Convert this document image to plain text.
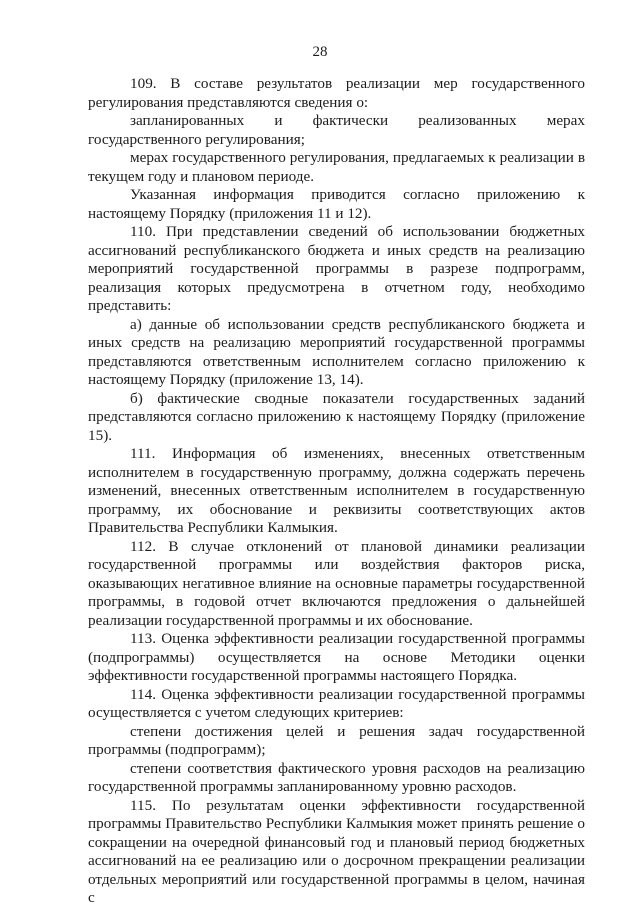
28

109. В составе результатов реализации мер государственного регулирования представляются сведения о:

запланированных и фактически реализованных мерах государственного регулирования;

мерах государственного регулирования, предлагаемых к реализации в текущем году и плановом периоде.

Указанная информация приводится согласно приложению к настоящему Порядку (приложения 11 и 12).

110. При представлении сведений об использовании бюджетных ассигнований республиканского бюджета и иных средств на реализацию мероприятий государственной программы в разрезе подпрограмм, реализация которых предусмотрена в отчетном году, необходимо представить:

а) данные об использовании средств республиканского бюджета и иных средств на реализацию мероприятий государственной программы представляются ответственным исполнителем согласно приложению к настоящему Порядку (приложение 13, 14).

б) фактические сводные показатели государственных заданий представляются согласно приложению к настоящему Порядку (приложение 15).

111. Информация об изменениях, внесенных ответственным исполнителем в государственную программу, должна содержать перечень изменений, внесенных ответственным исполнителем в государственную программу, их обоснование и реквизиты соответствующих актов Правительства Республики Калмыкия.

112. В случае отклонений от плановой динамики реализации государственной программы или воздействия факторов риска, оказывающих негативное влияние на основные параметры государственной программы, в годовой отчет включаются предложения о дальнейшей реализации государственной программы и их обоснование.

113. Оценка эффективности реализации государственной программы (подпрограммы) осуществляется на основе Методики оценки эффективности государственной программы настоящего Порядка.

114. Оценка эффективности реализации государственной программы осуществляется с учетом следующих критериев:

степени достижения целей и решения задач государственной программы (подпрограмм);

степени соответствия фактического уровня расходов на реализацию государственной программы запланированному уровню расходов.

115. По результатам оценки эффективности государственной программы Правительство Республики Калмыкия может принять решение о сокращении на очередной финансовый год и плановый период бюджетных ассигнований на ее реализацию или о досрочном прекращении реализации отдельных мероприятий или государственной программы в целом, начиная с
